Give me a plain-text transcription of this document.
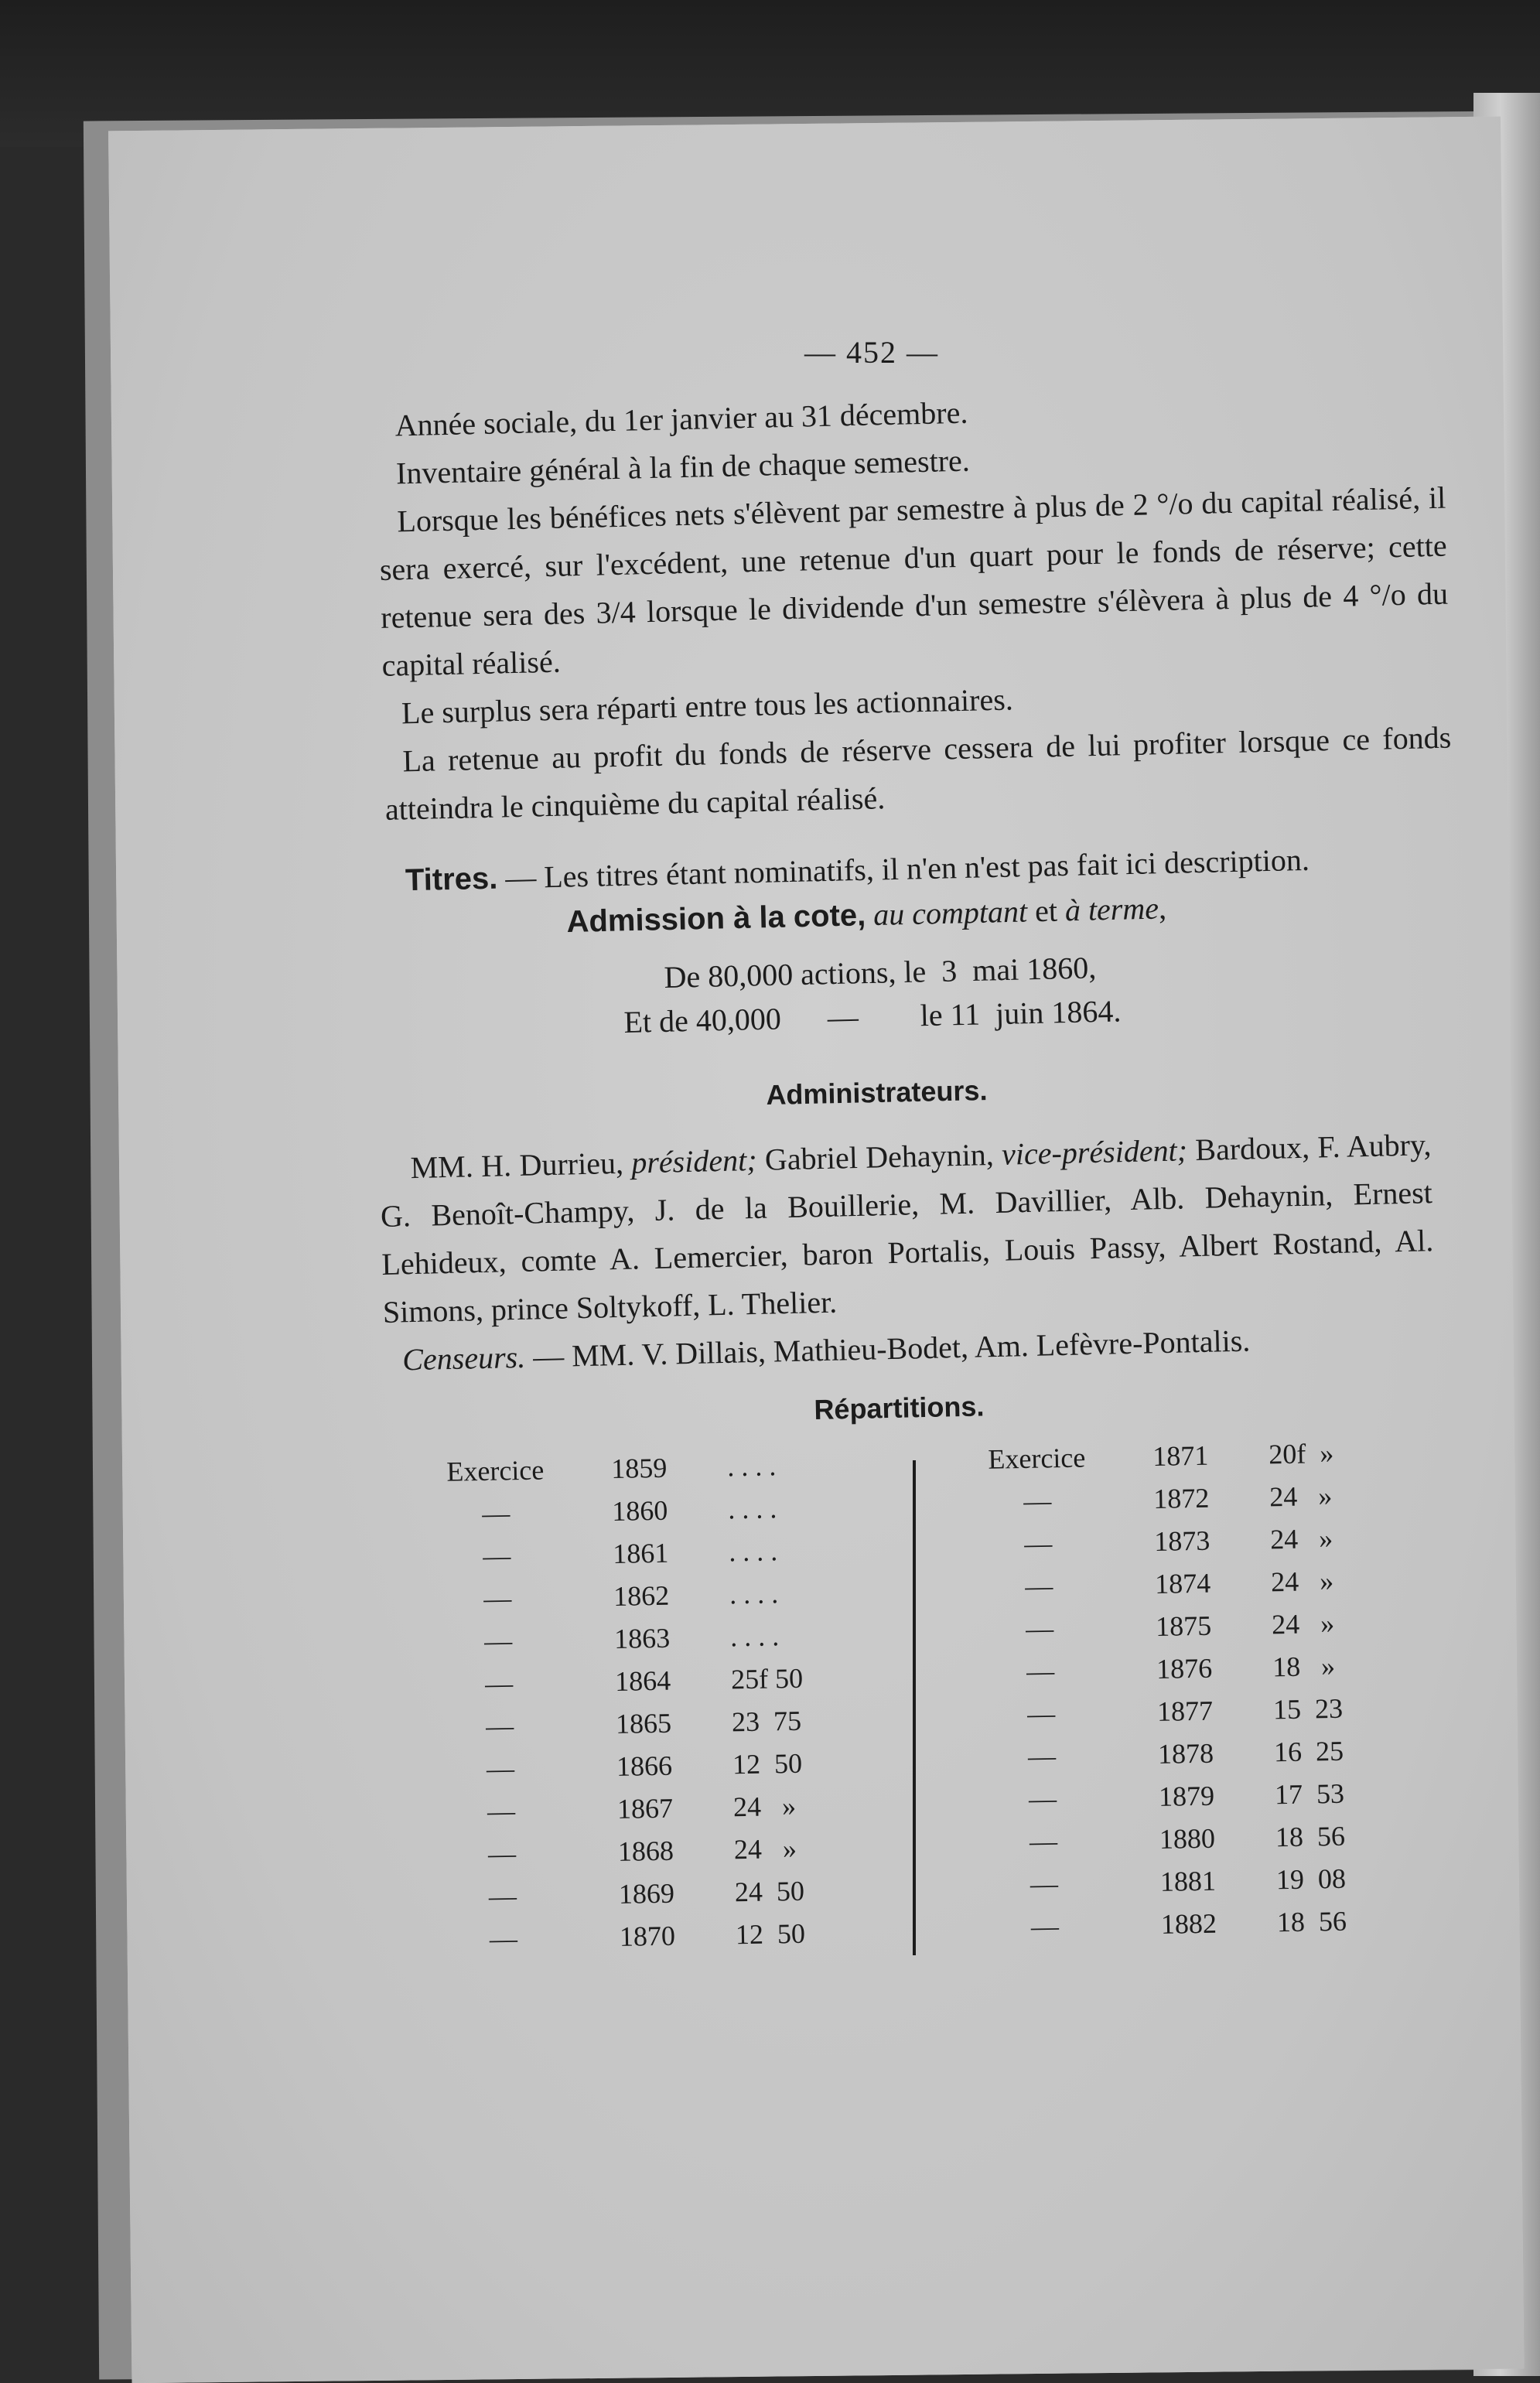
— 452 —

Année sociale, du 1er janvier au 31 décembre.

Inventaire général à la fin de chaque semestre.

Lorsque les bénéfices nets s'élèvent par semestre à plus de 2 °/o du capital réalisé, il sera exercé, sur l'excédent, une retenue d'un quart pour le fonds de réserve; cette retenue sera des 3/4 lorsque le dividende d'un semestre s'élèvera à plus de 4 °/o du capital réalisé.

Le surplus sera réparti entre tous les actionnaires.

La retenue au profit du fonds de réserve cessera de lui profiter lorsque ce fonds atteindra le cinquième du capital réalisé.

Titres. — Les titres étant nominatifs, il n'en n'est pas fait ici description.

Admission à la cote, au comptant et à terme,
De 80,000 actions, le  3  mai 1860,
Et de 40,000      —        le 11  juin 1864.
Administrateurs.

MM. H. Durrieu, président; Gabriel Dehaynin, vice-président; Bardoux, F. Aubry, G. Benoît-Champy, J. de la Bouillerie, M. Davillier, Alb. Dehaynin, Ernest Lehideux, comte A. Lemercier, baron Portalis, Louis Passy, Albert Rostand, Al. Simons, prince Soltykoff, L. Thelier.

Censeurs. — MM. V. Dillais, Mathieu-Bodet, Am. Lefèvre-Pontalis.

Répartitions.
Exercice	1859 . . . .
—	1860 . . . .
—	1861 . . . .
—	1862 . . . .
—	1863 . . . .
—	1864 25f 50
—	1865 23  75
—	1866 12  50
—	1867 24   »
—	1868 24   »
—	1869 24  50
—	1870 12  50
Exercice	1871 20f  »
—	1872 24   »
—	1873 24   »
—	1874 24   »
—	1875 24   »
—	1876 18   »
—	1877 15  23
—	1878 16  25
—	1879 17  53
—	1880 18  56
—	1881 19  08
—	1882 18  56
